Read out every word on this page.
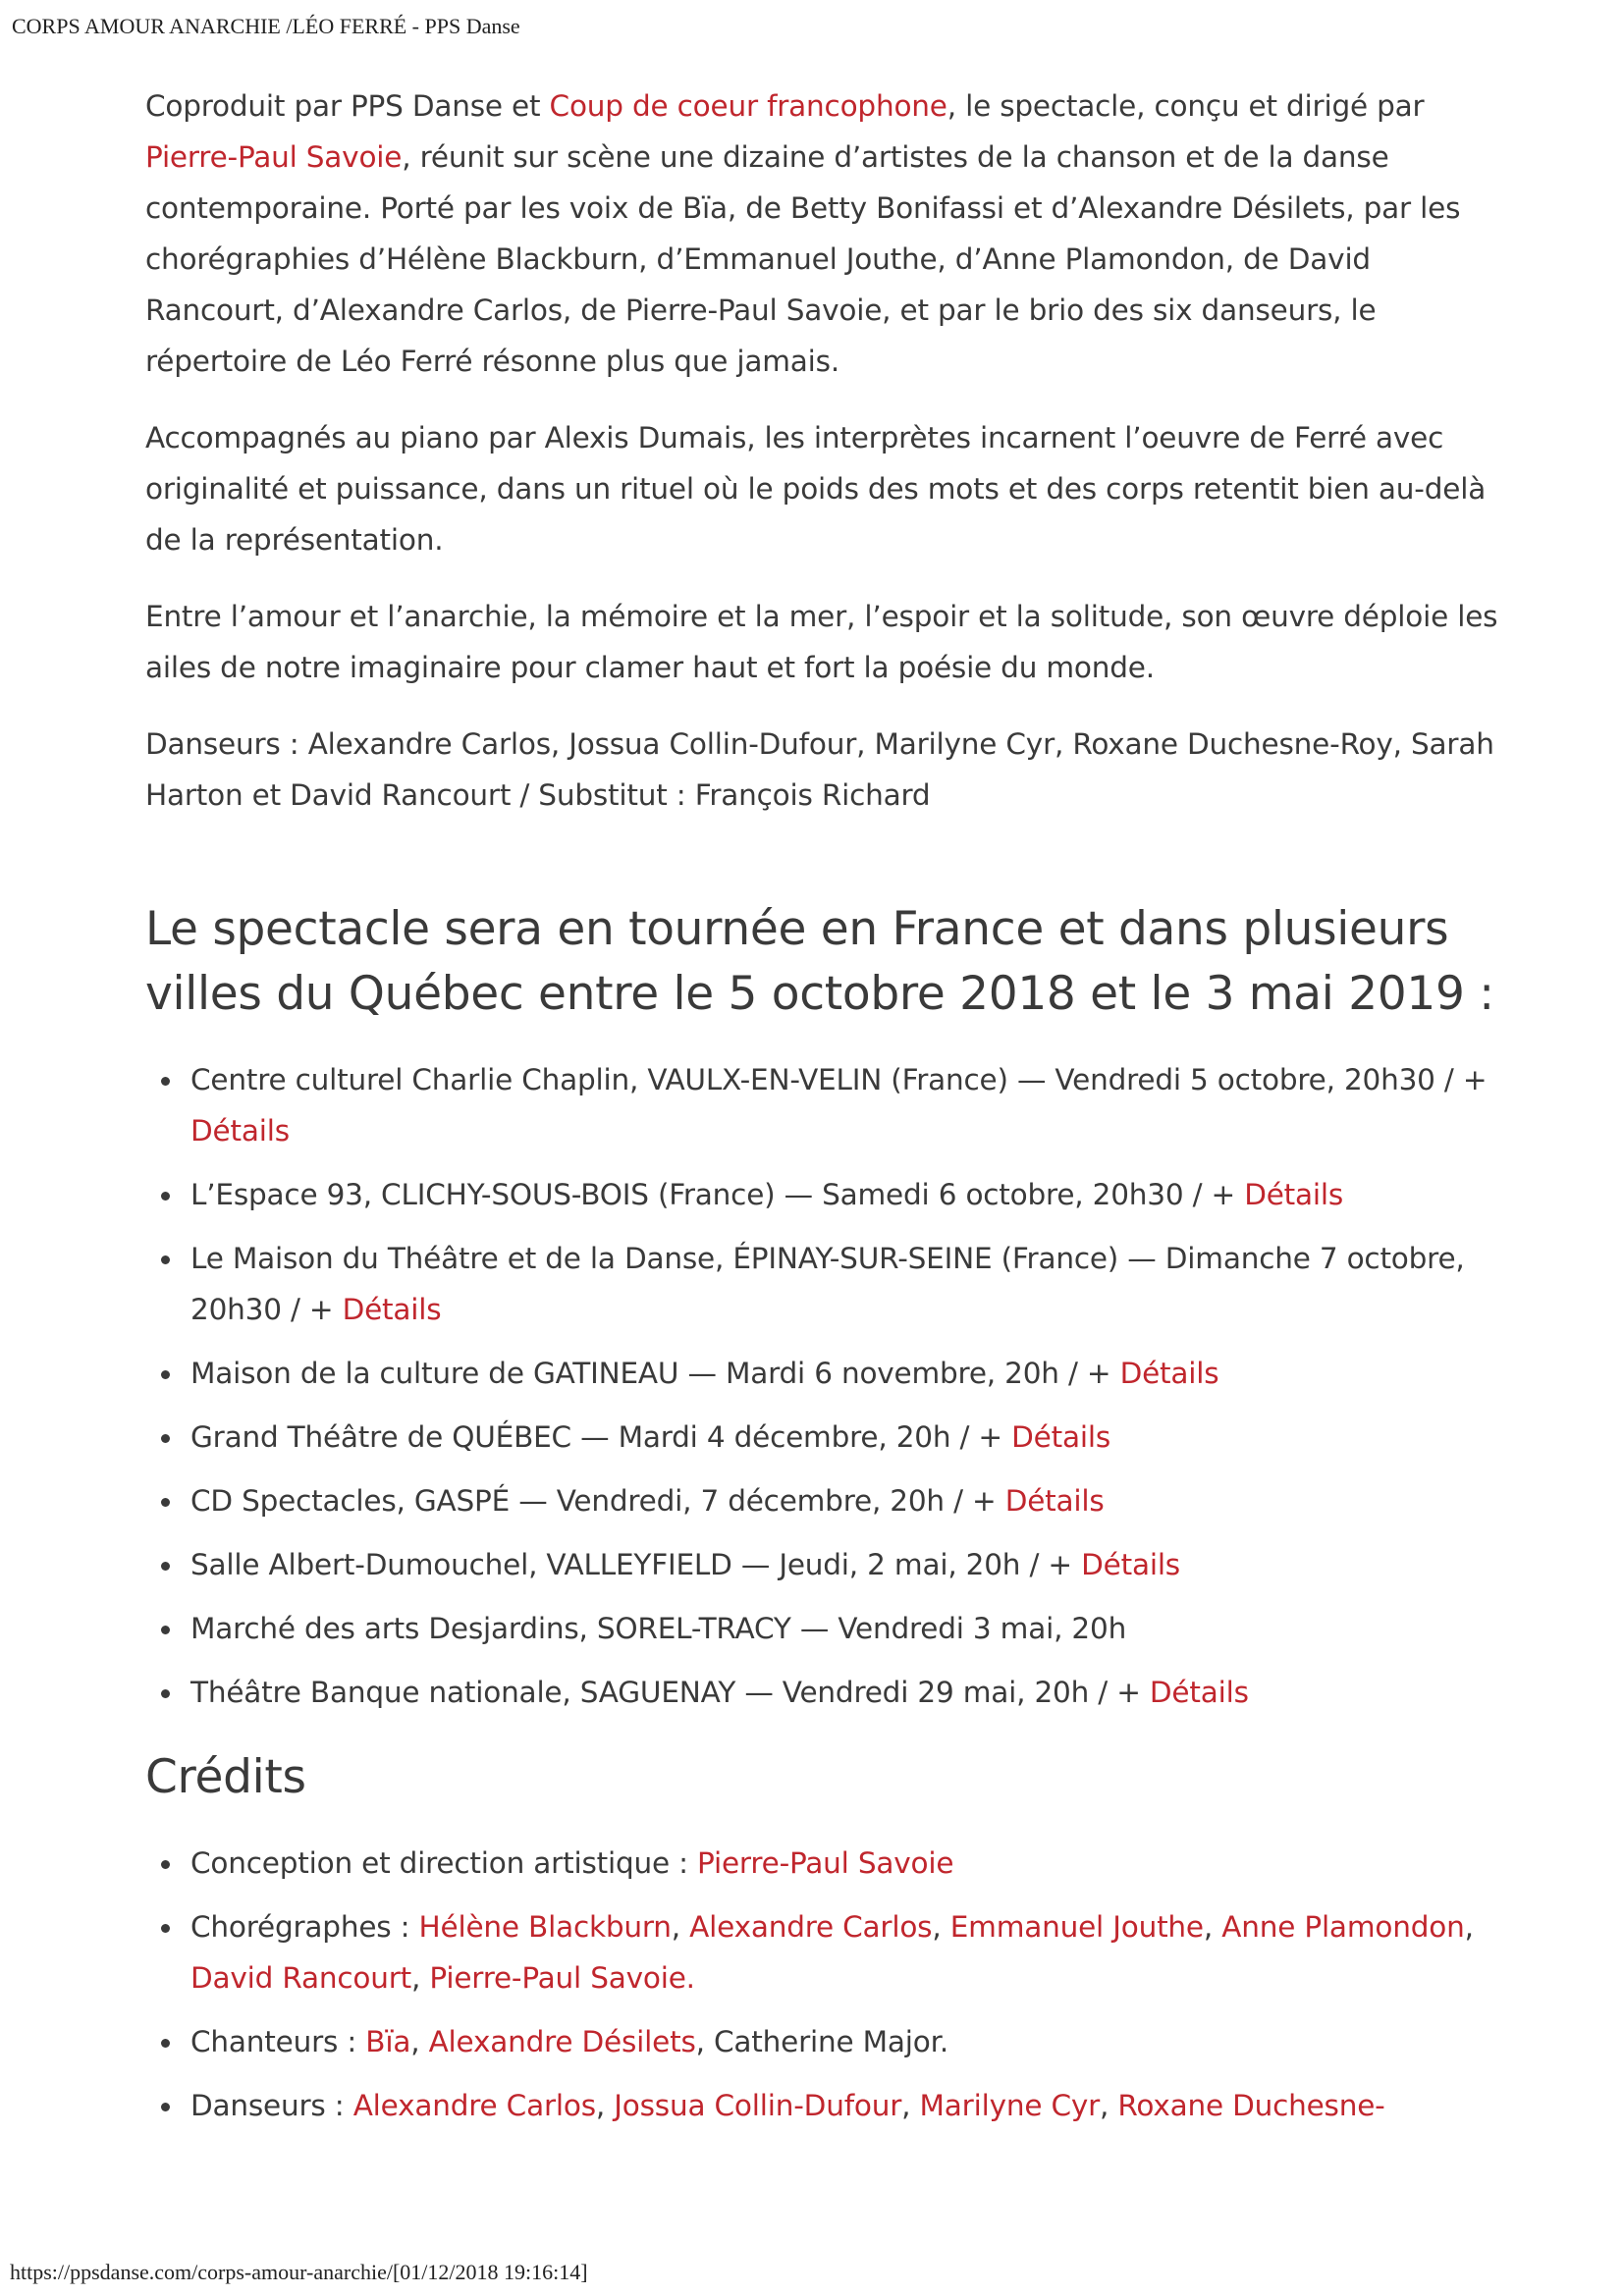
CORPS AMOUR ANARCHIE /LÉO FERRÉ - PPS Danse

Coproduit par PPS Danse et Coup de coeur francophone, le spectacle, conçu et dirigé par Pierre-Paul Savoie, réunit sur scène une dizaine d’artistes de la chanson et de la danse contemporaine. Porté par les voix de Bïa, de Betty Bonifassi et d’Alexandre Désilets, par les chorégraphies d’Hélène Blackburn, d’Emmanuel Jouthe, d’Anne Plamondon, de David Rancourt, d’Alexandre Carlos, de Pierre-Paul Savoie, et par le brio des six danseurs, le répertoire de Léo Ferré résonne plus que jamais.

Accompagnés au piano par Alexis Dumais, les interprètes incarnent l’oeuvre de Ferré avec originalité et puissance, dans un rituel où le poids des mots et des corps retentit bien au-delà de la représentation.

Entre l’amour et l’anarchie, la mémoire et la mer, l’espoir et la solitude, son œuvre déploie les ailes de notre imaginaire pour clamer haut et fort la poésie du monde.

Danseurs : Alexandre Carlos, Jossua Collin-Dufour, Marilyne Cyr, Roxane Duchesne-Roy, Sarah Harton et David Rancourt / Substitut : François Richard

Le spectacle sera en tournée en France et dans plusieurs villes du Québec entre le 5 octobre 2018 et le 3 mai 2019 :
Centre culturel Charlie Chaplin, VAULX-EN-VELIN (France) — Vendredi 5 octobre, 20h30 / + Détails
L’Espace 93, CLICHY-SOUS-BOIS (France) — Samedi 6 octobre, 20h30 / + Détails
Le Maison du Théâtre et de la Danse, ÉPINAY-SUR-SEINE (France) — Dimanche 7 octobre, 20h30 / + Détails
Maison de la culture de GATINEAU — Mardi 6 novembre, 20h / + Détails
Grand Théâtre de QUÉBEC — Mardi 4 décembre, 20h / + Détails
CD Spectacles, GASPÉ — Vendredi, 7 décembre, 20h / + Détails
Salle Albert-Dumouchel, VALLEYFIELD — Jeudi, 2 mai, 20h / + Détails
Marché des arts Desjardins, SOREL-TRACY — Vendredi 3 mai, 20h
Théâtre Banque nationale, SAGUENAY — Vendredi 29 mai, 20h / + Détails
Crédits
Conception et direction artistique : Pierre-Paul Savoie
Chorégraphes : Hélène Blackburn, Alexandre Carlos, Emmanuel Jouthe, Anne Plamondon, David Rancourt, Pierre-Paul Savoie.
Chanteurs : Bïa, Alexandre Désilets, Catherine Major.
Danseurs : Alexandre Carlos, Jossua Collin-Dufour, Marilyne Cyr, Roxane Duchesne-
https://ppsdanse.com/corps-amour-anarchie/[01/12/2018 19:16:14]
